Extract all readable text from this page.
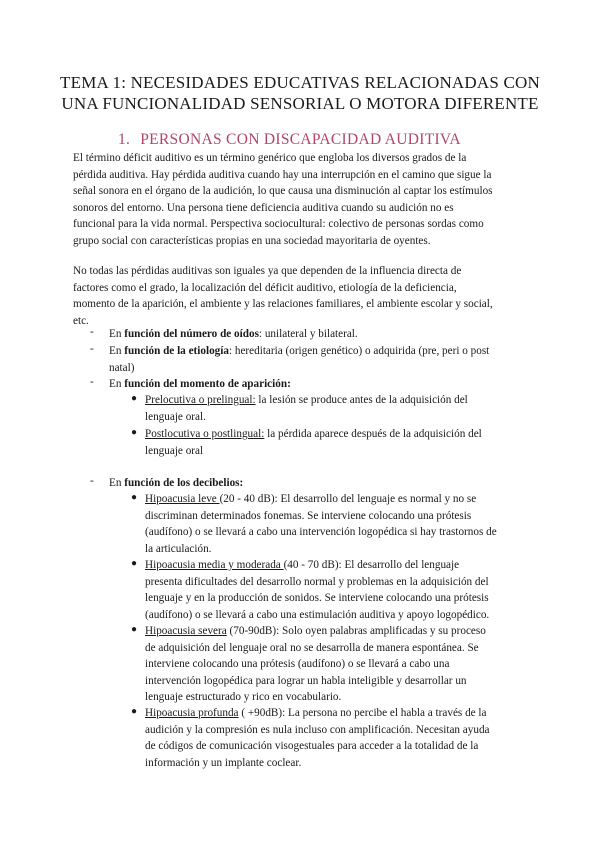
TEMA 1: NECESIDADES EDUCATIVAS RELACIONADAS CON
UNA FUNCIONALIDAD SENSORIAL O MOTORA DIFERENTE
1. PERSONAS CON DISCAPACIDAD AUDITIVA
El término déficit auditivo es un término genérico que engloba los diversos grados de la
pérdida auditiva. Hay pérdida auditiva cuando hay una interrupción en el camino que sigue la
señal sonora en el órgano de la audición, lo que causa una disminución al captar los estímulos
sonoros del entorno. Una persona tiene deficiencia auditiva cuando su audición no es
funcional para la vida normal. Perspectiva sociocultural: colectivo de personas sordas como
grupo social con características propias en una sociedad mayoritaria de oyentes.
No todas las pérdidas auditivas son iguales ya que dependen de la influencia directa de
factores como el grado, la localización del déficit auditivo, etiología de la deficiencia,
momento de la aparición, el ambiente y las relaciones familiares, el ambiente escolar y social,
etc.
- En función del número de oídos: unilateral y bilateral.
- En función de la etiología: hereditaria (origen genético) o adquirida (pre, peri o post
natal)
- En función del momento de aparición:
● Prelocutiva o prelingual: la lesión se produce antes de la adquisición del
lenguaje oral.
● Postlocutiva o postlingual: la pérdida aparece después de la adquisición del
lenguaje oral
- En función de los decibelios:
● Hipoacusia leve (20 - 40 dB): El desarrollo del lenguaje es normal y no se
discriminan determinados fonemas. Se interviene colocando una prótesis
(audífono) o se llevará a cabo una intervención logopédica si hay trastornos de
la articulación.
● Hipoacusia media y moderada (40 - 70 dB): El desarrollo del lenguaje
presenta dificultades del desarrollo normal y problemas en la adquisición del
lenguaje y en la producción de sonidos. Se interviene colocando una prótesis
(audífono) o se llevará a cabo una estimulación auditiva y apoyo logopédico.
● Hipoacusia severa (70-90dB): Solo oyen palabras amplificadas y su proceso
de adquisición del lenguaje oral no se desarrolla de manera espontánea. Se
interviene colocando una prótesis (audífono) o se llevará a cabo una
intervención logopédica para lograr un habla inteligible y desarrollar un
lenguaje estructurado y rico en vocabulario.
● Hipoacusia profunda ( +90dB): La persona no percibe el habla a través de la
audición y la compresión es nula incluso con amplificación. Necesitan ayuda
de códigos de comunicación visogestuales para acceder a la totalidad de la
información y un implante coclear.
